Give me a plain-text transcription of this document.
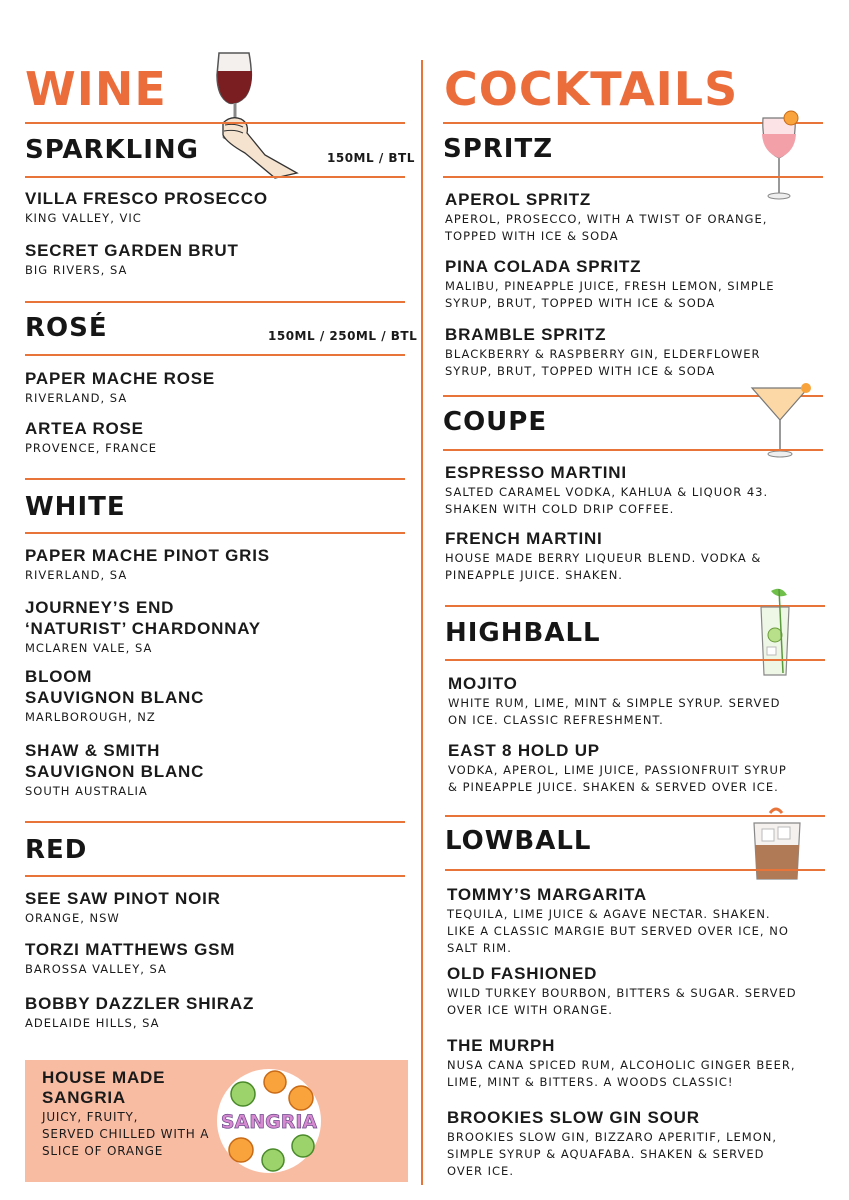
WINE
SPARKLING	150ML / BTL
VILLA FRESCO PROSECCO
KING VALLEY, VIC
SECRET GARDEN BRUT
BIG RIVERS, SA
ROSÉ	150ML / 250ML / BTL
PAPER MACHE ROSE
RIVERLAND, SA
ARTEA ROSE
PROVENCE, FRANCE
WHITE
PAPER MACHE PINOT GRIS
RIVERLAND, SA
JOURNEY’S END
‘NATURIST’ CHARDONNAY
MCLAREN VALE, SA
BLOOM
SAUVIGNON BLANC
MARLBOROUGH, NZ
SHAW & SMITH
SAUVIGNON BLANC
SOUTH AUSTRALIA
RED
SEE SAW PINOT NOIR
ORANGE, NSW
TORZI MATTHEWS GSM
BAROSSA VALLEY, SA
BOBBY DAZZLER SHIRAZ
ADELAIDE HILLS, SA
HOUSE MADE
SANGRIA
JUICY, FRUITY,
SERVED CHILLED WITH A
SLICE OF ORANGE
SANGRIA
COCKTAILS
SPRITZ
APEROL SPRITZ
APEROL, PROSECCO, WITH A TWIST OF ORANGE, TOPPED WITH ICE & SODA
PINA COLADA SPRITZ
MALIBU, PINEAPPLE JUICE, FRESH LEMON, SIMPLE SYRUP, BRUT, TOPPED WITH ICE & SODA
BRAMBLE SPRITZ
BLACKBERRY & RASPBERRY GIN, ELDERFLOWER SYRUP, BRUT, TOPPED WITH ICE & SODA
COUPE
ESPRESSO MARTINI
SALTED CARAMEL VODKA, KAHLUA & LIQUOR 43. SHAKEN WITH COLD DRIP COFFEE.
FRENCH MARTINI
HOUSE MADE BERRY LIQUEUR BLEND. VODKA & PINEAPPLE JUICE. SHAKEN.
HIGHBALL
MOJITO
WHITE RUM, LIME, MINT & SIMPLE SYRUP. SERVED ON ICE. CLASSIC REFRESHMENT.
EAST 8 HOLD UP
VODKA, APEROL, LIME JUICE, PASSIONFRUIT SYRUP & PINEAPPLE JUICE. SHAKEN & SERVED OVER ICE.
LOWBALL
TOMMY’S MARGARITA
TEQUILA, LIME JUICE & AGAVE NECTAR. SHAKEN. LIKE A CLASSIC MARGIE BUT SERVED OVER ICE, NO SALT RIM.
OLD FASHIONED
WILD TURKEY BOURBON, BITTERS & SUGAR. SERVED OVER ICE WITH ORANGE.
THE MURPH
NUSA CANA SPICED RUM, ALCOHOLIC GINGER BEER, LIME, MINT & BITTERS. A WOODS CLASSIC!
BROOKIES SLOW GIN SOUR
BROOKIES SLOW GIN, BIZZARO APERITIF, LEMON, SIMPLE SYRUP & AQUAFABA. SHAKEN & SERVED OVER ICE.
